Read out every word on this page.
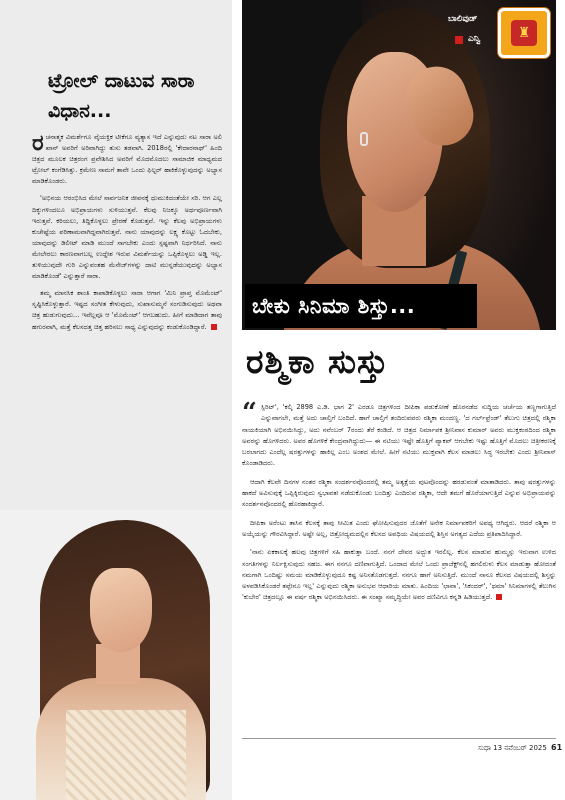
ಟ್ರೋಲ್ ದಾಟುವ ಸಾರಾ ವಿಧಾನ...

ರಚನಾತ್ಮಕ ವಿಮರ್ಶೆಗೂ ವೈಯಕ್ತಿಕ ಟೀಕೆಗೂ ವ್ಯತ್ಯಾಸ ಇದೆ ಎನ್ನುವುದು ನಟ ಸಾರಾ ಅಲಿ ಖಾನ್ ಅವರಿಗೆ ಅರಿವಾಗಿದ್ದು ತುಸು ತಡವಾಗಿ. 2018ರಲ್ಲಿ 'ಕೇದಾರನಾಥ್' ಹಿಂದಿ ಚಿತ್ರದ ಮೂಲಕ ಚಿತ್ರರಂಗ ಪ್ರವೇಶಿಸಿದ ಅವರಿಗೆ ಮೊದಮೊದಲು ಸಾಮಾಜಿಕ ಮಾಧ್ಯಮದ ಟ್ರೋಲ್ ಕಂಗೆಡಿಸಿತ್ತು. ಕ್ರಮೇಣ ಸಾಮಗೆ ತಾವೇ ಒಂದು ಫಿಲ್ಟರ್ ಹಾಕಿಕೊಳ್ಳುವುದನ್ನು ಅಭ್ಯಾಸ ಮಾಡಿಕೊಂಡರು.

'ಅಭಿನಯ ಆರಂಭಿಸಿದ ಮೇಲೆ ಸಾರ್ವಜನಿಕ ಜೀವನಕ್ಕೆ ಧುಮುಕಿದಂತೆಯೇ ಸರಿ. ಆಗ ಎಲ್ಲ ದಿಕ್ಕುಗಳಿಂದಲೂ ಅಭಿಪ್ರಾಯಗಳು ಸುಳಿಯುತ್ತವೆ. ಕೆಲವು ನಿಜಕ್ಕೂ ಅರ್ಥಪೂರ್ಣವಾಗಿ ಇರುತ್ತವೆ. ಕಠಿಯಲು, ತಿದ್ದಿಕೊಳ್ಳಲು ಪ್ರೇರಣೆ ಕೊಡುತ್ತವೆ. ಇನ್ನು ಕೆಲವು ಅಭಿಪ್ರಾಯಗಳು ಕುಚೇಷ್ಟೆಯ ಪರಿಣಾಮವಾಗಿದ್ದವಾಗಿರುತ್ತವೆ. ನಾನು ಯಾವುದನ್ನು ಲಕ್ಷ್ಯ ಕೊಟ್ಟು ಓದಬೇಕು, ಯಾವುದನ್ನು ಡಿಲೀಟ್ ಮಾಡಿ ಮುಂದೆ ಸಾಗಬೇಕು ಎಂದು ಸ್ಪಷ್ಟವಾಗಿ ನಿರ್ಧರಿಸಿದೆ. ನಾನು ಮೇಲೇರಲು ಕಾರಣವಾಗಬಲ್ಲ ಉದ್ದೇಶ ಇರುವ ವಿಮರ್ಶೆಯನ್ನು ಒಪ್ಪಿಕೊಳ್ಳಲು ಅಡ್ಡಿ ಇಲ್ಲ. ತುಳಿಯುವುದೇ ಗುರಿ ಎನ್ನುವಂತಹ ಮೆಸೇಜ್‌ಗಳನ್ನು ದಾಟಿ ಮುನ್ನಡೆಯುವುದನ್ನು ಅಭ್ಯಾಸ ಮಾಡಿಕೊಂಡೆ' ಎನ್ನುತ್ತಾರೆ ಸಾರಾ.

ತಮ್ಮ ಮಾನಸಿಕ ಶಾಂತಿ ಕಾಪಾಡಿಕೊಳ್ಳಲು ಸಾರಾ ಆಗಾಗ 'ಮಿನಿ ಪ್ರಾಪ್ತ ಮೊಮೆಂಟ್' ಸೃಷ್ಟಿಸಿಕೊಳ್ಳುತ್ತಾರೆ. ಇಷ್ಟದ ಸಂಗೀತ ಕೇಳುವುದು, ಸುಖಾಸುಮ್ಮನೆ ಸಂಗುಡಿಸುವುದು ಅಥವಾ ಚಿತ್ರ ಹುಡುಗುವುದು... ಇವೆಲ್ಲವೂ ಆ 'ಮೊಮೆಂಟ್' ಆಗಬಹುದು. ಹೀಗೆ ಮಾಡಿದಾಗ ತಾವು ಹಗುರವಾಗಿ, ಮತ್ತೆ ಕೆಲಸದತ್ತ ಚಿತ್ತ ಹರಿಸಲು ಸಾಧ್ಯ ಎನ್ನುವುದನ್ನು ಕಂಡುಕೊಂಡಿದ್ದಾರೆ.

ಬಾಲಿವುಡ್
ಎನ್ವಿ	♜
ಬೇಕು ಸಿನಿಮಾ ಶಿಸ್ತು...
ರಶ್ಮಿಕಾ ಸುಸ್ತು

“ ಸ್ಪಿರಿಟ್', 'ಕಲ್ಕಿ 2898 ಎ.ಡಿ. ಭಾಗ 2' ಎರಡೂ ಚಿತ್ರಗಳಿಂದ ದೀಪಿಕಾ ಪಡುಕೋಣೆ ಹೊರನಡೆದ ಸುದ್ದಿಯ ಚರ್ಚೆಯ ತಣ್ಣಗಾಗುತ್ತಿದೆ ಎನ್ನುವಾಗಲೇ, ಮತ್ತೆ ಅದು ಚಾಲ್ತಿಗೆ ಬಂದಿದೆ. ಹಾಗೆ ಚಾಲ್ತಿಗೆ ತಂದಿರುವವರು ರಶ್ಮಿಕಾ ಮಂದಣ್ಣ. 'ದ ಗರ್ಲ್‌ಫ್ರೆಂಡ್' ತೆಲುಗು ಚಿತ್ರದಲ್ಲಿ ರಶ್ಮಿಕಾ ನಾಯಕಿಯಾಗಿ ಅಭಿನಯಿಸಿದ್ದು, ಅದು ನವೆಂಬರ್ 7ರಂದು ತೆರೆ ಕಂಡಿದೆ. ಆ ಚಿತ್ರದ ನಿರ್ಮಾಪಕ ಶ್ರೀನಿವಾಸ ಕುಮಾರ್ ಅವರು ಮುಕ್ತಕಂಠದಿಂದ ರಶ್ಮಿಕಾ ಅವರನ್ನು ಹೊಗಳಿದರು. ಅವರ ಹೊಗಳಿಕೆ ಕೇಂದ್ರವಾಗಿದ್ದುದು— ಈ ನಟಿಯು ಇಷ್ಟೇ ಹೊತ್ತಿಗೆ ಪ್ಯಾಕಪ್ ಆಗಬೇಕು ಇಷ್ಟು ಹೊತ್ತಿಗೆ ಮೊದಲು ಚಿತ್ರೀಕರಣಕ್ಕೆ ಬರಲಾಗದು ಎಂದೆಲ್ಲ ಷರತ್ತುಗಳನ್ನು ಹಾಕಿಲ್ಲ ಎಂಬ ಅಂಶದ ಮೇಲೆ. ಹೀಗೆ ನಟಿಯು ಮುಕ್ತವಾಗಿ ಕೆಲಸ ಮಾಡಲು ಸಿದ್ಧ ಇರಬೇಕು ಎಂದು ಶ್ರೀನಿವಾಸ್ ಕೊಂಡಾಡಿದರು.

ಆದಾಗಿ ಕೆಲವೇ ದಿನಗಳ ನಂತರ ರಶ್ಮಿಕಾ ಸಂದರ್ಶನವೊಂದರಲ್ಲಿ ತಮ್ಮ ಅತ್ಯಕ್ಷೆಯ ಪುಟವೊಂದನ್ನು ಹರಡುವಂತೆ ಮಾತಾಡಿದರು. ತಾವು ಷರತ್ತುಗಳನ್ನು ಹಾಕದೆ ಅವಿಸುವುಕ್ಕೆ ಒಪ್ಪಿಕ್ಕಿರುವುದು ಸ್ವಭಾವತಃ ನಡೆದುಕೊಂಡು ಬಂದಿತ್ತು ಎಂದಿರುವ ರಶ್ಮಿಕಾ, ಆದೇ ತಮಗೆ ಹೊರೆಯಾಗುತ್ತಿದೆ ಎನ್ನುವ ಅಭಿಪ್ರಾಯವನ್ನು ಸಂದರ್ಶನವೊಂದರಲ್ಲಿ ಹೊರಹಾಕಿದ್ದಾರೆ.

ದೀಪಿಕಾ ಅರೆಂಟು ತಾಸಿನ ಕೆಲಸಕ್ಕೆ ತಾವು ಸೀಮಿತ ಎಂದು ಘೋಷಿಸುವುದರ ಜೊತೆಗೆ ಅನೇಕ ನಿರ್ಮಾಪಕರಿಗೆ ಅಪಥ್ಯ ಆಗಿದ್ದರು. ಆದರೆ ರಶ್ಮಿಕಾ ಆ ಅಯ್ಕೆಯನ್ನು ಗೌರವಿಸಿದ್ದಾರೆ. ಅಷ್ಟೇ ಅಲ್ಲ, ಚಿತ್ರೋದ್ಯಮದಲ್ಲಿನ ಕೆಲಸದ ಅವಧಿಯ ವಿಷಯದಲ್ಲಿ ಶಿಸ್ತಿನ ಅಗತ್ಯದ ಎದೆಯ ಪ್ರತಿಪಾದಿಸಿದ್ದಾರೆ.

'ನಾನು ಏಕಕಾಲಕ್ಕೆ ಹಲವು ಚಿತ್ರಗಳಿಗೆ ಸಹಿ ಹಾಕುತ್ತಾ ಬಂದೆ. ನನಗೆ ದೇವರ ಅದ್ಭುತ ಇರಲಿಲ್ಲ. ಕೆಲಸ ಮಾಡುವ ಹುಮ್ಮಸ್ಸು ಇರುವಾಗ ಉಳಿದ ಸಂಗತಿಗಳನ್ನು ನಿರ್ಲಕ್ಷಿಸುವುದು ಸಹಜ. ಈಗ ನನಗೂ ದಣಿವಾಗುತ್ತಿದೆ. ಒಂದಾದ ಮೇಲೆ ಒಂದು ಪ್ರಾಜೆಕ್ಟ್‌ನಲ್ಲಿ ಹಗಲಿರುಳು ಕೆಲಸ ಮಾಡುತ್ತಾ ಹೋದಂತೆ ನಮಗಾಗಿ ಒಂದಿಷ್ಟು ಸಮಯ ಮಾಡಿಕೊಳ್ಳುವುದೂ ಕಷ್ಟ ಅನಿಸತೊಡಗುತ್ತದೆ. ನನಗೂ ಹಾಗೆ ಅನಿಸುತ್ತಿದೆ. ಮುಂದೆ ನಾನೂ ಕೆಲಸದ ವಿಷಯದಲ್ಲಿ ಶಿಸ್ತನ್ನು ಅಳವಡಿಸಿಕೊಂಡರೆ ತಪ್ಪೇನೂ ಇಲ್ಲ' ಎನ್ನುವುದು ರಶ್ಮಿಕಾ ಅನುಭವ ಆಧಾರಿಯ ಮಾತು. ಹಿಂದಿಯ 'ಛಾವಾ', 'ಸಿಕಂದರ್', 'ಥಮಾ' ಸಿನಿಮಾಗಳಲ್ಲಿ ತೆಲುಗಿನ 'ಕುಬೇರ' ಚಿತ್ರದಲ್ಲೂ ಈ ವರ್ಷ ರಶ್ಮಿಕಾ ಅಭಿನಯಿಸಿದರು. ಈ ಸಂಖ್ಯಾ ಸಮೃದ್ಧಿಯೇ ಅವರ ದಣಿವಿಗೂ ಕನ್ನಡಿ ಹಿಡಿಯುತ್ತದೆ.

ಸುಧಾ 13 ನವೆಂಬರ್ 2025 61
